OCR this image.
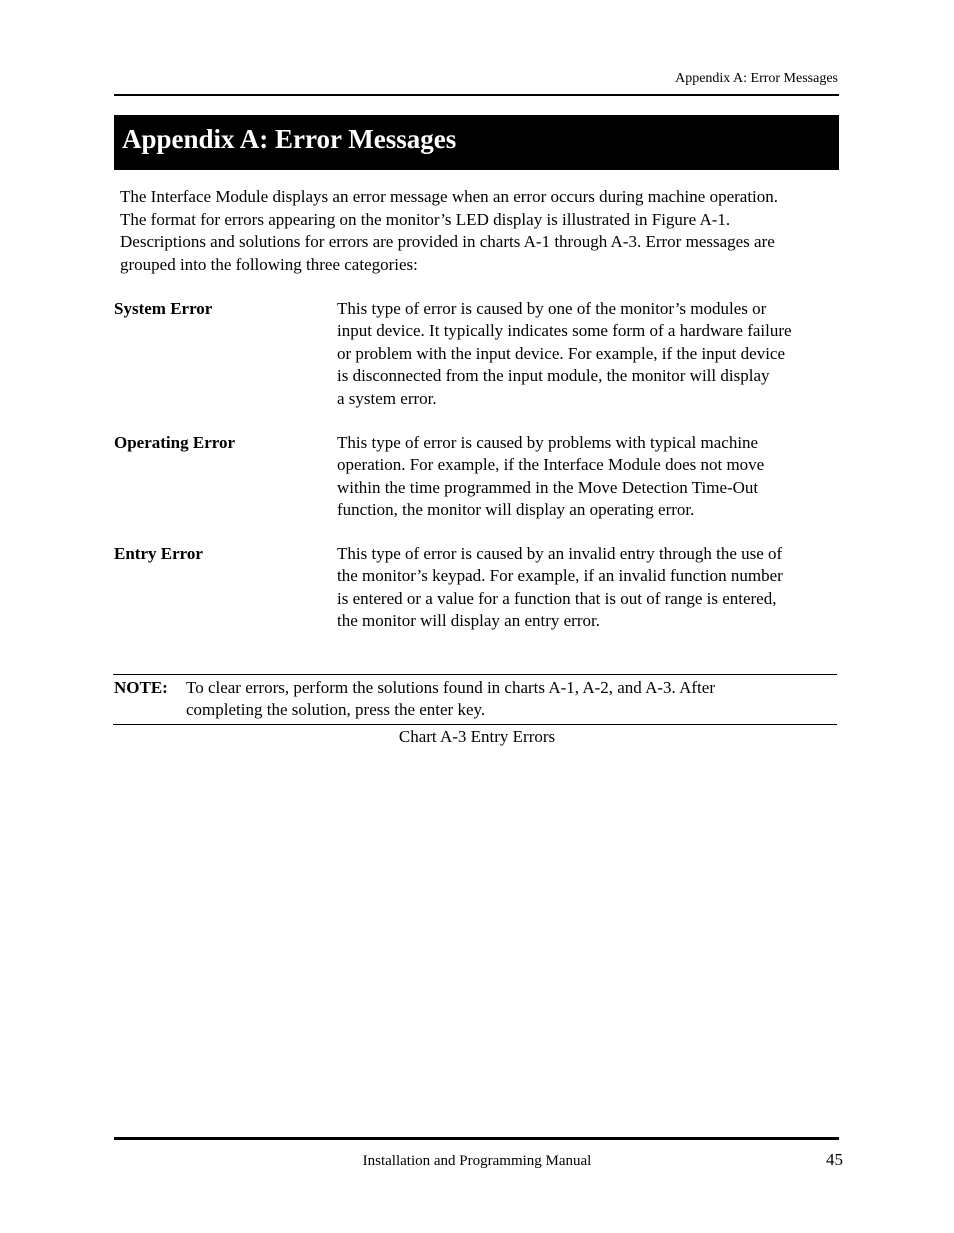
Appendix A: Error Messages
Appendix A: Error Messages

The Interface Module displays an error message when an error occurs during machine operation.
The format for errors appearing on the monitor’s LED display is illustrated in Figure A-1.
Descriptions and solutions for errors are provided in charts A-1 through A-3. Error messages are
grouped into the following three categories:

System Error	This type of error is caused by one of the monitor’s modules or
input device. It typically indicates some form of a hardware failure
or problem with the input device. For example, if the input device
is disconnected from the input module, the monitor will display
a system error.
Operating Error	This type of error is caused by problems with typical machine
operation. For example, if the Interface Module does not move
within the time programmed in the Move Detection Time-Out
function, the monitor will display an operating error.
Entry Error	This type of error is caused by an invalid entry through the use of
the monitor’s keypad. For example, if an invalid function number
is entered or a value for a function that is out of range is entered,
the monitor will display an entry error.
NOTE: To clear errors, perform the solutions found in charts A-1, A-2, and A-3. After
completing the solution, press the enter key.
Chart A-3 Entry Errors
Installation and Programming Manual	45
